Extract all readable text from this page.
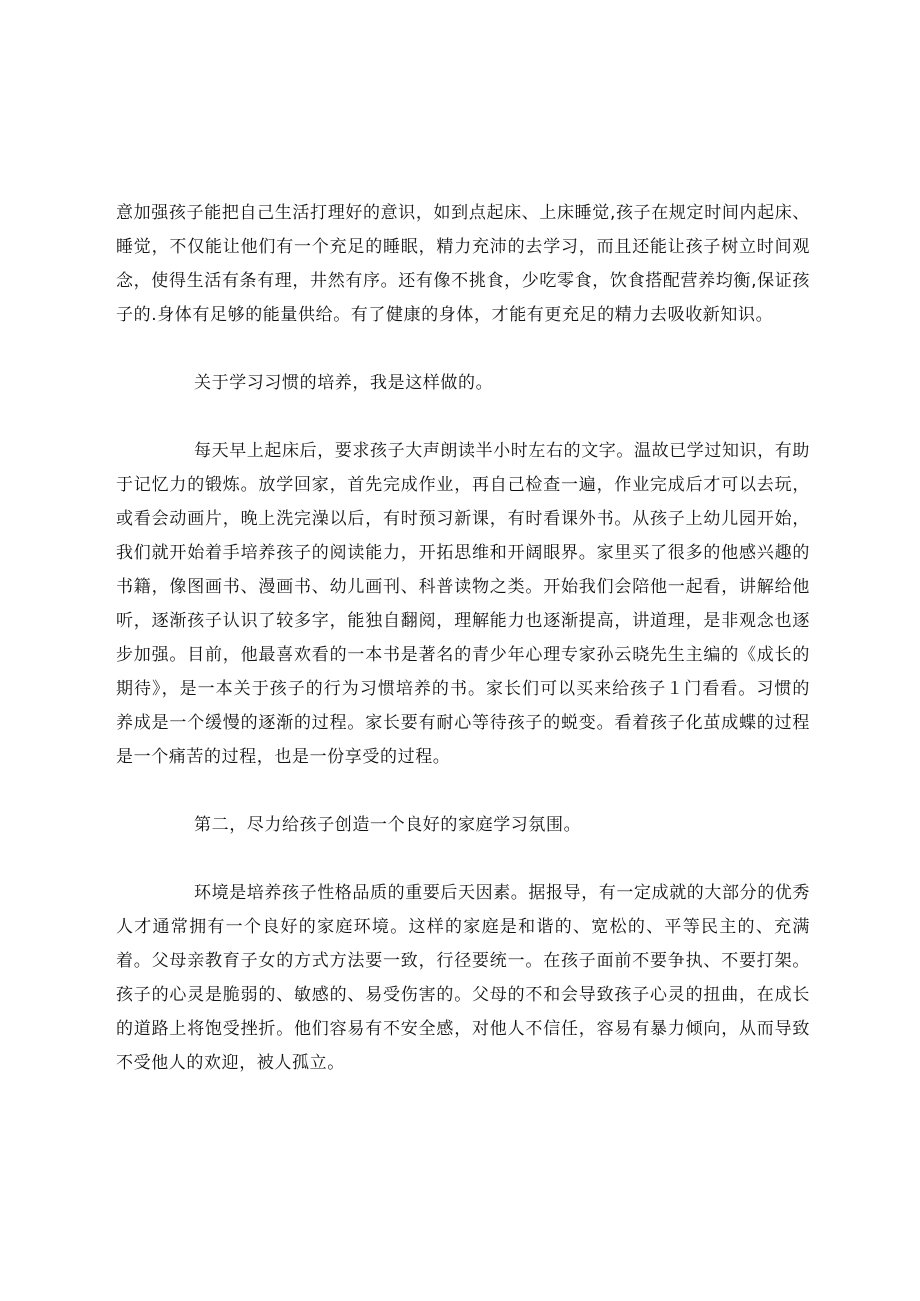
意加强孩子能把自己生活打理好的意识，如到点起床、上床睡觉,孩子在规定时间内起床、睡觉，不仅能让他们有一个充足的睡眠，精力充沛的去学习，而且还能让孩子树立时间观念，使得生活有条有理，井然有序。还有像不挑食，少吃零食，饮食搭配营养均衡,保证孩子的.身体有足够的能量供给。有了健康的身体，才能有更充足的精力去吸收新知识。

关于学习习惯的培养，我是这样做的。

每天早上起床后，要求孩子大声朗读半小时左右的文字。温故已学过知识，有助于记忆力的锻炼。放学回家，首先完成作业，再自己检查一遍，作业完成后才可以去玩，或看会动画片，晚上洗完澡以后，有时预习新课，有时看课外书。从孩子上幼儿园开始，我们就开始着手培养孩子的阅读能力，开拓思维和开阔眼界。家里买了很多的他感兴趣的书籍，像图画书、漫画书、幼儿画刊、科普读物之类。开始我们会陪他一起看，讲解给他听，逐渐孩子认识了较多字，能独自翻阅，理解能力也逐渐提高，讲道理，是非观念也逐步加强。目前，他最喜欢看的一本书是著名的青少年心理专家孙云晓先生主编的《成长的期待》，是一本关于孩子的行为习惯培养的书。家长们可以买来给孩子１门看看。习惯的养成是一个缓慢的逐渐的过程。家长要有耐心等待孩子的蜕变。看着孩子化茧成蝶的过程是一个痛苦的过程，也是一份享受的过程。

第二，尽力给孩子创造一个良好的家庭学习氛围。

环境是培养孩子性格品质的重要后天因素。据报导，有一定成就的大部分的优秀人才通常拥有一个良好的家庭环境。这样的家庭是和谐的、宽松的、平等民主的、充满着。父母亲教育子女的方式方法要一致，行径要统一。在孩子面前不要争执、不要打架。孩子的心灵是脆弱的、敏感的、易受伤害的。父母的不和会导致孩子心灵的扭曲，在成长的道路上将饱受挫折。他们容易有不安全感，对他人不信任，容易有暴力倾向，从而导致不受他人的欢迎，被人孤立。
